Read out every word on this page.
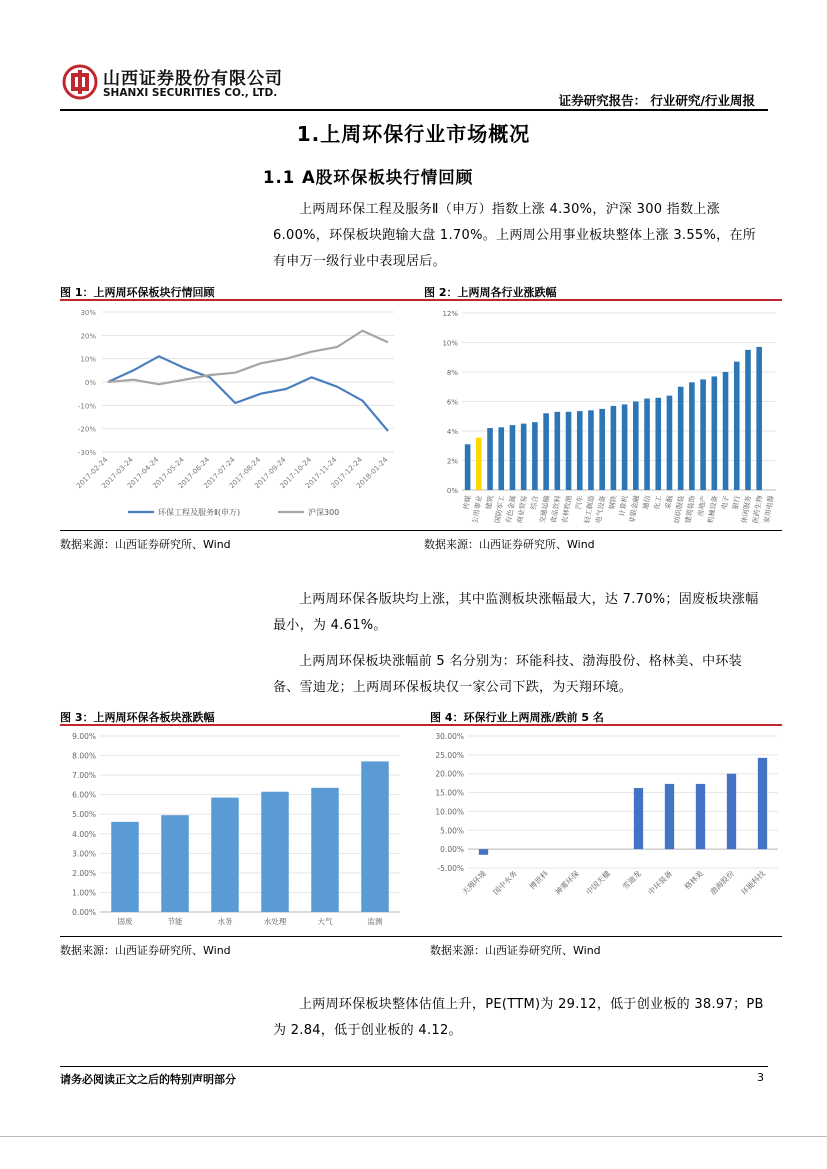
山西证券股份有限公司
SHANXI SECURITIES CO., LTD.	证券研究报告： 行业研究/行业周报
1.上周环保行业市场概况
1.1 A股环保板块行情回顾

上两周环保工程及服务Ⅱ（申万）指数上涨 4.30%，沪深 300 指数上涨 6.00%，环保板块跑输大盘 1.70%。上两周公用事业板块整体上涨 3.55%，在所有申万一级行业中表现居后。

图 1：上两周环保板块行情回顾	图 2：上两周各行业涨跌幅
30%
20%
10%
0%
-10%
-20%
-30%
2017-02-24
2017-03-24
2017-04-24
2017-05-24
2017-06-24
2017-07-24
2017-08-24
2017-09-24
2017-10-24
2017-11-24
2017-12-24
2018-01-24
环保工程及服务Ⅱ(申万)	沪深300
12%
10%
8%
6%
4%
2%
0%
传媒
公用事业 建筑
国防军工
有色金属
商业贸易 综合
交通运输
食品饮料
农林牧渔 汽车
轻工制造
电气设备 钢铁 计算机
非银金融 通信 化工 采掘
纺织服装
建筑装饰 房地产
机械设备 电子 银行
休闲服务
医药生物
家用电器
数据来源：山西证券研究所、Wind	数据来源：山西证券研究所、Wind

上两周环保各版块均上涨，其中监测板块涨幅最大，达 7.70%；固废板块涨幅最小，为 4.61%。

上两周环保板块涨幅前 5 名分别为：环能科技、渤海股份、格林美、中环装备、雪迪龙；上两周环保板块仅一家公司下跌，为天翔环境。

图 3：上两周环保各板块涨跌幅	图 4：环保行业上两周涨/跌前 5 名
9.00%
8.00%
7.00%
6.00%
5.00%
4.00%
3.00%
2.00%
1.00%
0.00%
固废	节能	水务	水处理	大气	监测
30.00%
25.00%
20.00%
15.00%
10.00%
5.00%
0.00%
-5.00%
天翔环境 国中水务 博世科 神雾环保 中国天楹 雪迪龙 中环装备 格林美 渤海股份 环能科技
数据来源：山西证券研究所、Wind	数据来源：山西证券研究所、Wind

上两周环保板块整体估值上升，PE(TTM)为 29.12，低于创业板的 38.97；PB 为 2.84，低于创业板的 4.12。

请务必阅读正文之后的特别声明部分	3
